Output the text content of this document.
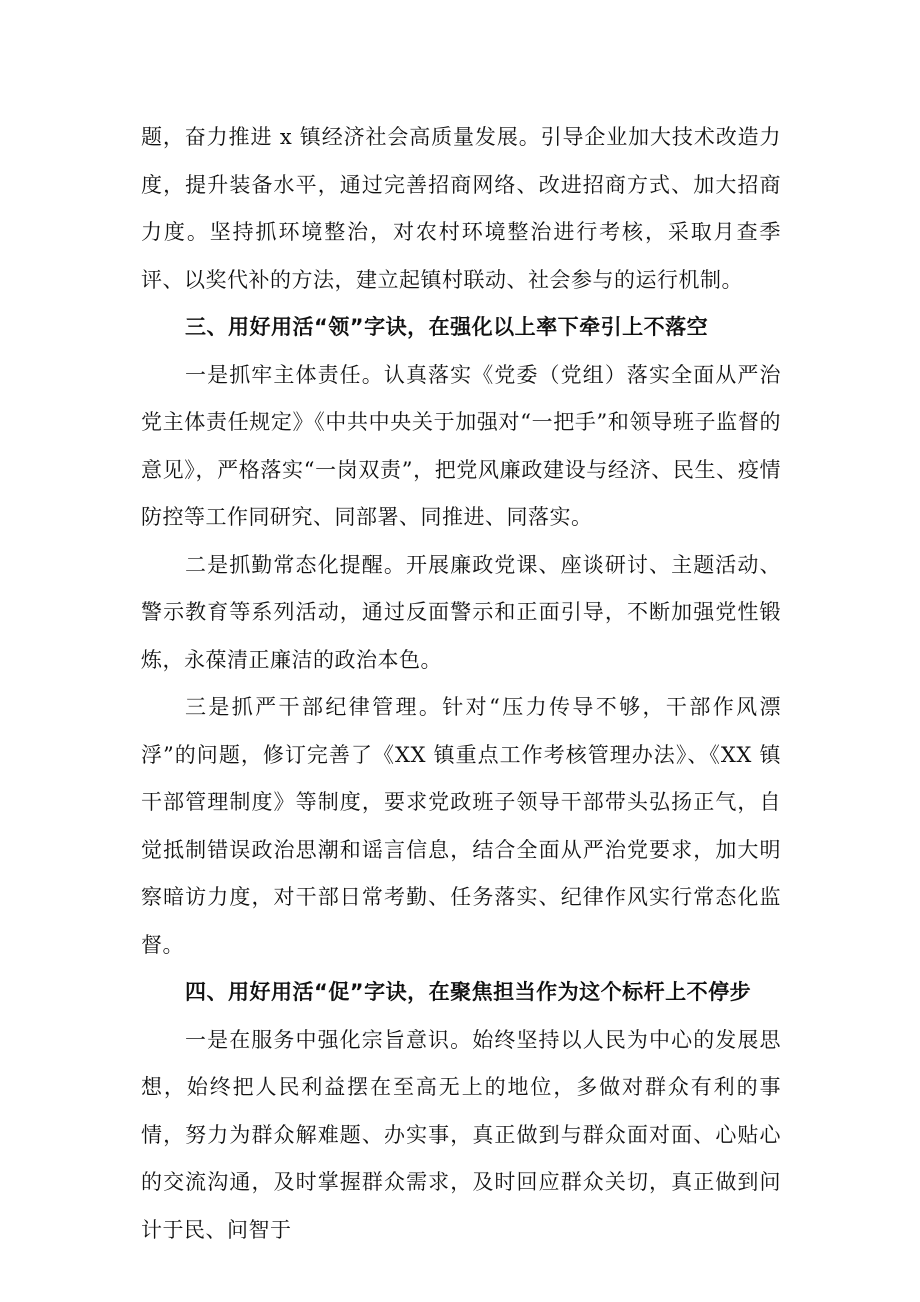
题，奋力推进 x 镇经济社会高质量发展。引导企业加大技术改造力度，提升装备水平，通过完善招商网络、改进招商方式、加大招商力度。坚持抓环境整治，对农村环境整治进行考核，采取月查季评、以奖代补的方法，建立起镇村联动、社会参与的运行机制。

三、用好用活“领”字诀，在强化以上率下牵引上不落空

一是抓牢主体责任。认真落实《党委（党组）落实全面从严治党主体责任规定》《中共中央关于加强对“一把手”和领导班子监督的意见》，严格落实“一岗双责”，把党风廉政建设与经济、民生、疫情防控等工作同研究、同部署、同推进、同落实。

二是抓勤常态化提醒。开展廉政党课、座谈研讨、主题活动、警示教育等系列活动，通过反面警示和正面引导，不断加强党性锻炼，永葆清正廉洁的政治本色。

三是抓严干部纪律管理。针对“压力传导不够，干部作风漂浮”的问题，修订完善了《XX 镇重点工作考核管理办法》、《XX 镇干部管理制度》等制度，要求党政班子领导干部带头弘扬正气，自觉抵制错误政治思潮和谣言信息，结合全面从严治党要求，加大明察暗访力度，对干部日常考勤、任务落实、纪律作风实行常态化监督。

四、用好用活“促”字诀，在聚焦担当作为这个标杆上不停步

一是在服务中强化宗旨意识。始终坚持以人民为中心的发展思想，始终把人民利益摆在至高无上的地位，多做对群众有利的事情，努力为群众解难题、办实事，真正做到与群众面对面、心贴心的交流沟通，及时掌握群众需求，及时回应群众关切，真正做到问计于民、问智于
